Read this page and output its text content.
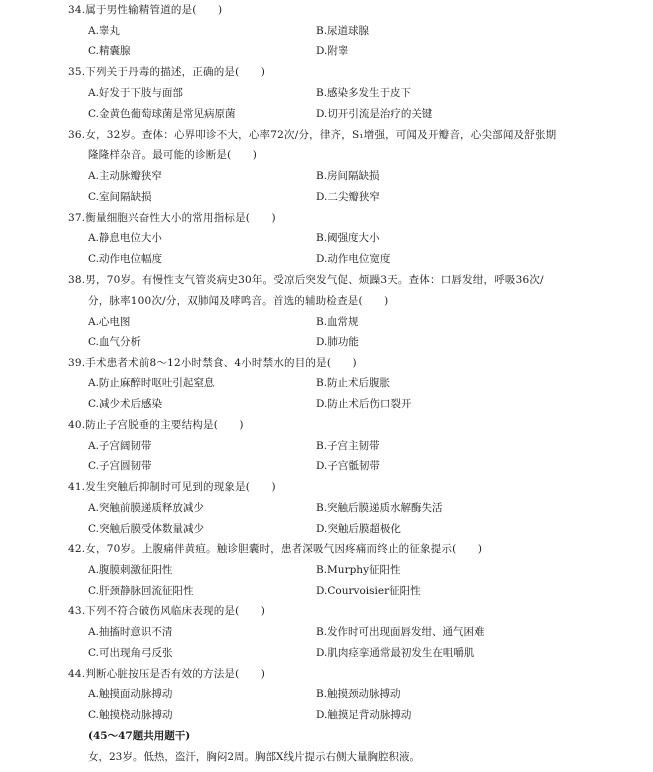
34.属于男性输精管道的是(　　)
A.睾丸	B.尿道球腺
C.精囊腺	D.附睾
35.下列关于丹毒的描述，正确的是(　　)
A.好发于下肢与面部	B.感染多发生于皮下
C.金黄色葡萄球菌是常见病原菌	D.切开引流是治疗的关键
36.女，32岁。查体：心界叩诊不大，心率72次/分，律齐，S₁增强，可闻及开瓣音，心尖部闻及舒张期
隆隆样杂音。最可能的诊断是(　　)
A.主动脉瓣狭窄	B.房间隔缺损
C.室间隔缺损	D.二尖瓣狭窄
37.衡量细胞兴奋性大小的常用指标是(　　)
A.静息电位大小	B.阈强度大小
C.动作电位幅度	D.动作电位宽度
38.男，70岁。有慢性支气管炎病史30年。受凉后突发气促、烦躁3天。查体：口唇发绀，呼吸36次/
分，脉率100次/分，双肺闻及哮鸣音。首选的辅助检查是(　　)
A.心电图	B.血常规
C.血气分析	D.肺功能
39.手术患者术前8～12小时禁食、4小时禁水的目的是(　　)
A.防止麻醉时呕吐引起窒息	B.防止术后腹胀
C.减少术后感染	D.防止术后伤口裂开
40.防止子宫脱垂的主要结构是(　　)
A.子宫阔韧带	B.子宫主韧带
C.子宫圆韧带	D.子宫骶韧带
41.发生突触后抑制时可见到的现象是(　　)
A.突触前膜递质释放减少	B.突触后膜递质水解酶失活
C.突触后膜受体数量减少	D.突触后膜超极化
42.女，70岁。上腹痛伴黄疸。触诊胆囊时，患者深吸气因疼痛而终止的征象提示(　　)
A.腹膜刺激征阳性	B.Murphy征阳性
C.肝颈静脉回流征阳性	D.Courvoisier征阳性
43.下列不符合破伤风临床表现的是(　　)
A.抽搐时意识不清	B.发作时可出现面唇发绀、通气困难
C.可出现角弓反张	D.肌肉痉挛通常最初发生在咀嚼肌
44.判断心脏按压是否有效的方法是(　　)
A.触摸面动脉搏动	B.触摸颈动脉搏动
C.触摸桡动脉搏动	D.触摸足背动脉搏动
(45～47题共用题干)
女，23岁。低热，盗汗，胸闷2周。胸部X线片提示右侧大量胸腔积液。
